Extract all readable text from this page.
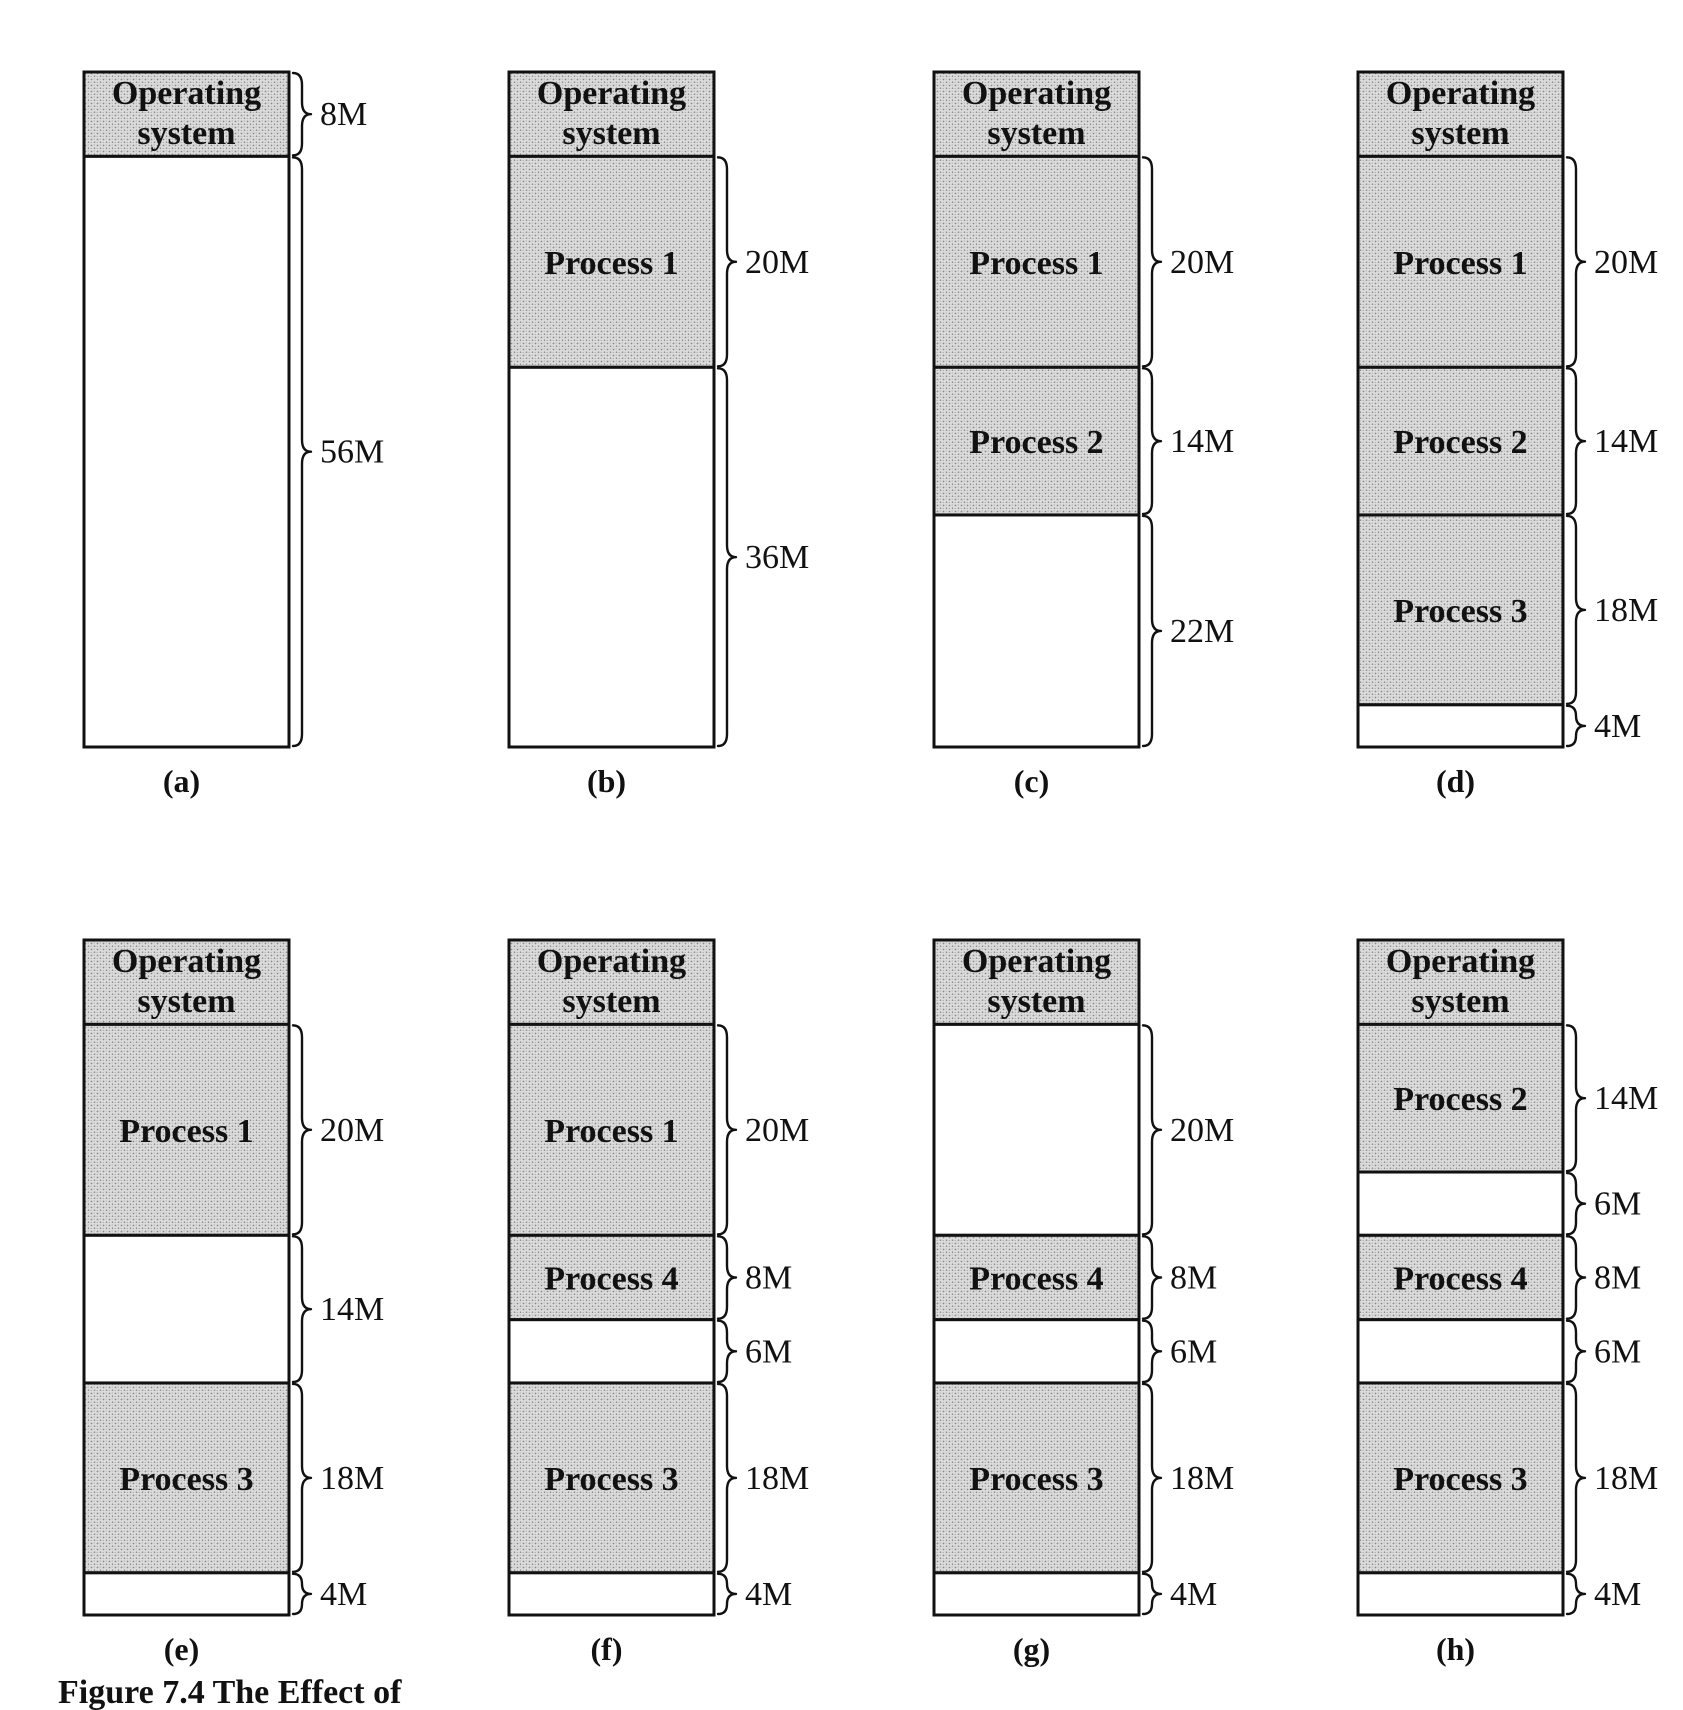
Operating system
8M
56M
(a)
Operating system
Process 1 20M
36M
(b)
Operating system
Process 1 20M
Process 2 14M
22M
(c)
Operating system
Process 1 20M
Process 2 14M
Process 3 18M
4M
(d)
Operating system
Process 1 20M
14M
Process 3 18M
4M
(e)
Operating system
Process 1 20M
Process 4 8M
6M
Process 3 18M
4M
(f)
Operating system
20M
Process 4 8M
6M
Process 3 18M
4M
(g)
Operating system
Process 2 14M
6M
Process 4 8M
6M
Process 3 18M
4M
(h)
Figure 7.4 The Effect of
